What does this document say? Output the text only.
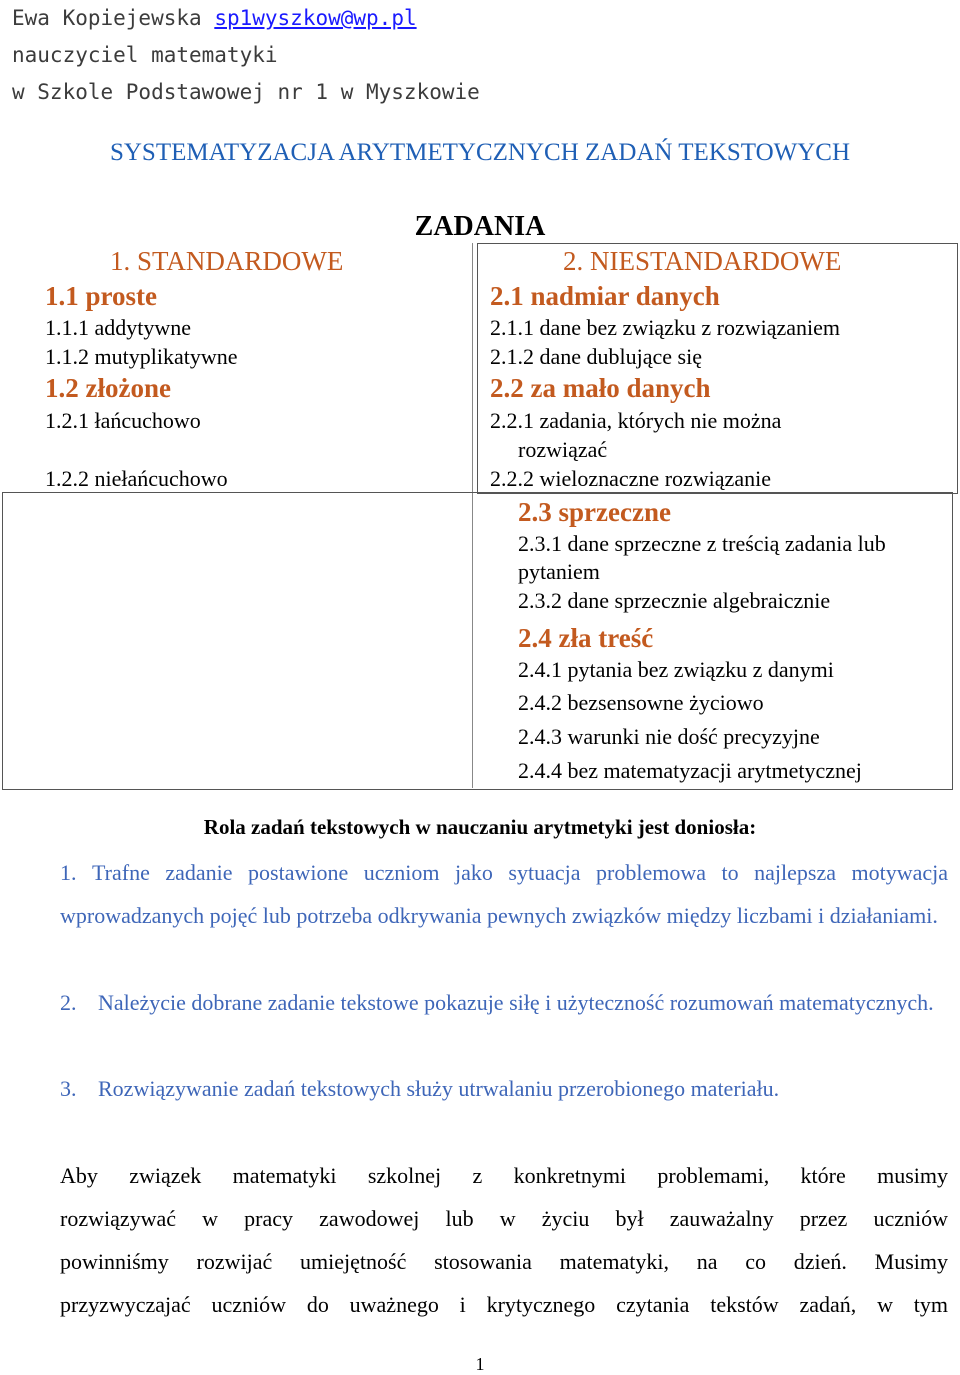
Ewa Kopiejewska sp1wyszkow@wp.pl
nauczyciel matematyki
w Szkole Podstawowej nr 1 w Myszkowie
SYSTEMATYZACJA ARYTMETYCZNYCH ZADAŃ TEKSTOWYCH
ZADANIA

1. STANDARDOWE	2. NIESTANDARDOWE
1.1 proste
1.1.1 addytywne
1.1.2 mutyplikatywne
1.2 złożone
1.2.1 łańcuchowo
1.2.2 niełańcuchowo
2.1 nadmiar danych
2.1.1 dane bez związku z rozwiązaniem
2.1.2 dane dublujące się
2.2 za mało danych
2.2.1 zadania, których nie można
rozwiązać
2.2.2 wieloznaczne rozwiązanie
2.3 sprzeczne
2.3.1 dane sprzeczne z treścią zadania lub
pytaniem
2.3.2 dane sprzecznie algebraicznie
2.4 zła treść
2.4.1 pytania bez związku z danymi
2.4.2 bezsensowne życiowo
2.4.3 warunki nie dość precyzyjne
2.4.4 bez matematyzacji arytmetycznej
Rola zadań tekstowych w nauczaniu arytmetyki jest doniosła:
1. Trafne zadanie postawione uczniom jako sytuacja problemowa to najlepsza motywacja wprowadzanych pojęć lub potrzeba odkrywania pewnych związków między liczbami i działaniami.
2. Należycie dobrane zadanie tekstowe pokazuje siłę i użyteczność rozumowań matematycznych.
3. Rozwiązywanie zadań tekstowych służy utrwalaniu przerobionego materiału.
Aby związek matematyki szkolnej z konkretnymi problemami, które musimy
rozwiązywać w pracy zawodowej lub w życiu był zauważalny przez uczniów
powinniśmy rozwijać umiejętność stosowania matematyki, na co dzień. Musimy
przyzwyczajać uczniów do uważnego i krytycznego czytania tekstów zadań, w tym
1
